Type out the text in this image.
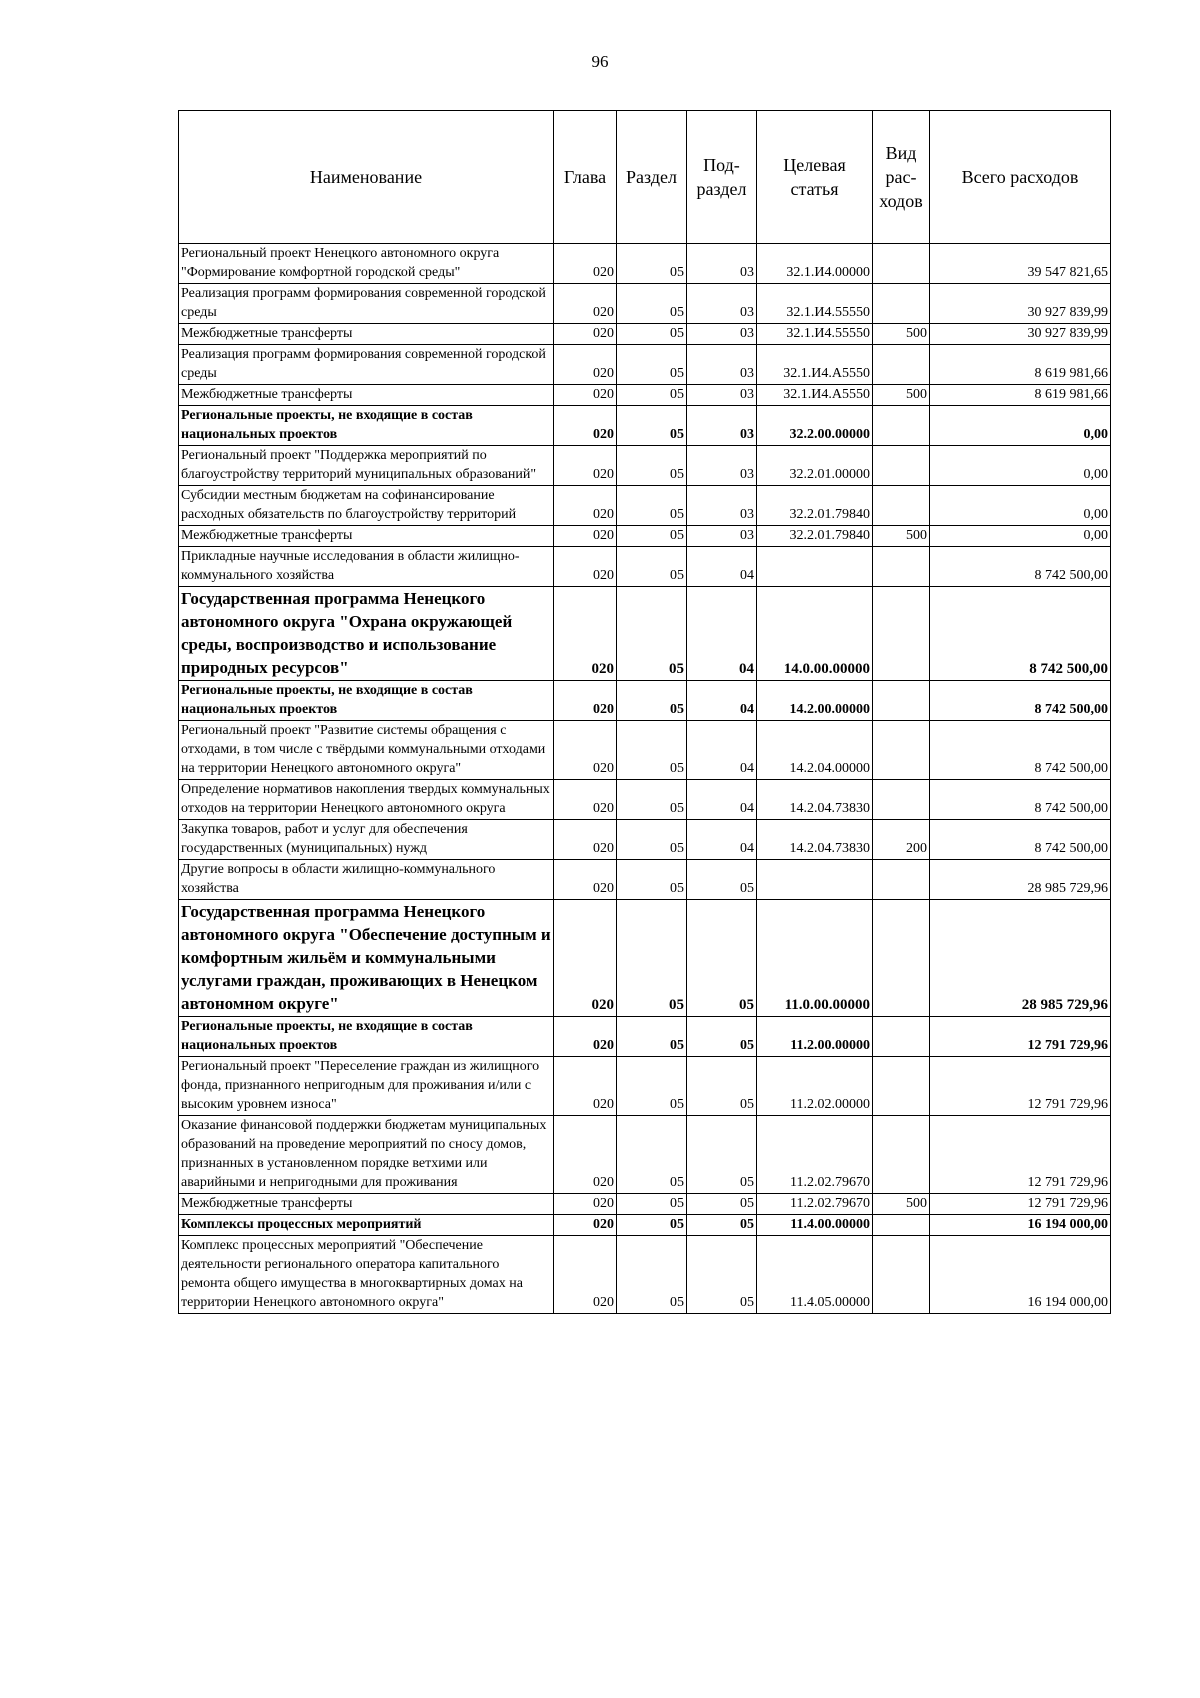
96
Наименование	Глава	Раздел	Под-раздел	Целевая статья	Вид рас-ходов	Всего расходов
Региональный проект Ненецкого автономного округа "Формирование комфортной городской среды"	020	05	03	32.1.И4.00000		39 547 821,65
Реализация программ формирования современной городской среды	020	05	03	32.1.И4.55550		30 927 839,99
Межбюджетные трансферты	020	05	03	32.1.И4.55550	500	30 927 839,99
Реализация программ формирования современной городской среды	020	05	03	32.1.И4.А5550		8 619 981,66
Межбюджетные трансферты	020	05	03	32.1.И4.А5550	500	8 619 981,66
Региональные проекты, не входящие в состав национальных проектов	020	05	03	32.2.00.00000		0,00
Региональный проект "Поддержка мероприятий по благоустройству территорий муниципальных образований"	020	05	03	32.2.01.00000		0,00
Субсидии местным бюджетам на софинансирование расходных обязательств по благоустройству территорий	020	05	03	32.2.01.79840		0,00
Межбюджетные трансферты	020	05	03	32.2.01.79840	500	0,00
Прикладные научные исследования в области жилищно-коммунального хозяйства	020	05	04			8 742 500,00
Государственная программа Ненецкого автономного округа "Охрана окружающей среды, воспроизводство и использование природных ресурсов"	020	05	04	14.0.00.00000		8 742 500,00
Региональные проекты, не входящие в состав национальных проектов	020	05	04	14.2.00.00000		8 742 500,00
Региональный проект "Развитие системы обращения с отходами, в том числе с твёрдыми коммунальными отходами на территории Ненецкого автономного округа"	020	05	04	14.2.04.00000		8 742 500,00
Определение нормативов накопления твердых коммунальных отходов на территории Ненецкого автономного округа	020	05	04	14.2.04.73830		8 742 500,00
Закупка товаров, работ и услуг для обеспечения государственных (муниципальных) нужд	020	05	04	14.2.04.73830	200	8 742 500,00
Другие вопросы в области жилищно-коммунального хозяйства	020	05	05			28 985 729,96
Государственная программа Ненецкого автономного округа "Обеспечение доступным и комфортным жильём и коммунальными услугами граждан, проживающих в Ненецком автономном округе"	020	05	05	11.0.00.00000		28 985 729,96
Региональные проекты, не входящие в состав национальных проектов	020	05	05	11.2.00.00000		12 791 729,96
Региональный проект "Переселение граждан из жилищного фонда, признанного непригодным для проживания и/или с высоким уровнем износа"	020	05	05	11.2.02.00000		12 791 729,96
Оказание финансовой поддержки бюджетам муниципальных образований на проведение мероприятий по сносу домов, признанных в установленном порядке ветхими или аварийными и непригодными для проживания	020	05	05	11.2.02.79670		12 791 729,96
Межбюджетные трансферты	020	05	05	11.2.02.79670	500	12 791 729,96
Комплексы процессных мероприятий	020	05	05	11.4.00.00000		16 194 000,00
Комплекс процессных мероприятий "Обеспечение деятельности регионального оператора капитального ремонта общего имущества в многоквартирных домах на территории Ненецкого автономного округа"	020	05	05	11.4.05.00000		16 194 000,00
